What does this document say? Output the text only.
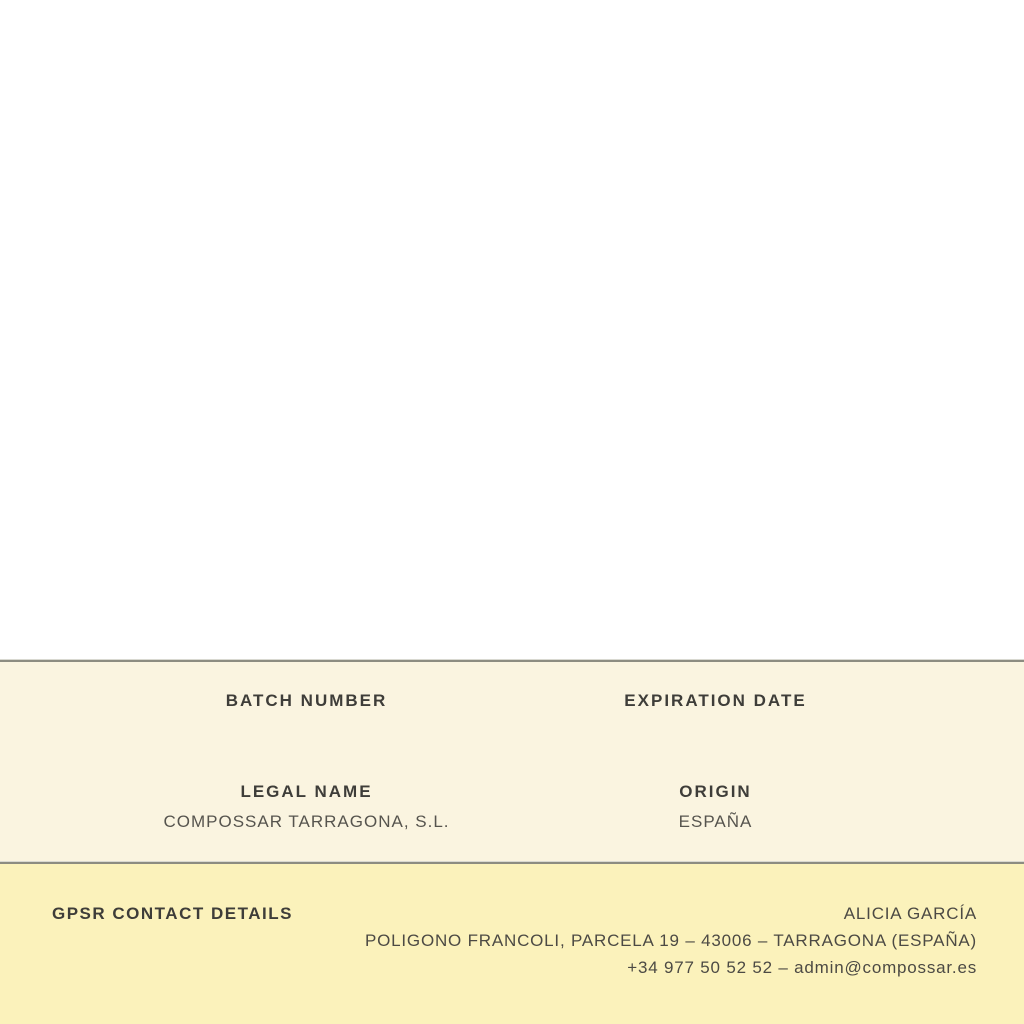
BATCH NUMBER	EXPIRATION DATE
LEGAL NAME
COMPOSSAR TARRAGONA, S.L.
ORIGIN
ESPAÑA
GPSR CONTACT DETAILS	ALICIA GARCÍA
POLIGONO FRANCOLI, PARCELA 19 – 43006 – TARRAGONA (ESPAÑA)
+34 977 50 52 52 – admin@compossar.es
